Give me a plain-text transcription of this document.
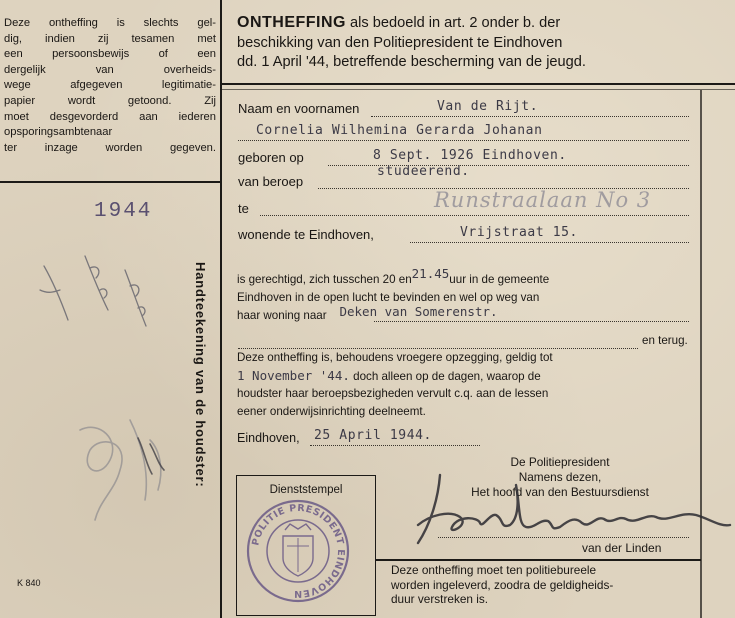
Deze ontheffing is slechts gel-
dig, indien zij tesamen met
een persoonsbewijs of een
dergelijk van overheids-
wege afgegeven legitimatie-
papier wordt getoond. Zij
moet desgevorderd aan iederen
opsporingsambtenaar
ter inzage worden gegeven.
ONTHEFFING als bedoeld in art. 2 onder b. der
beschikking van den Politiepresident te Eindhoven
dd. 1 April '44, betreffende bescherming van de jeugd.
Naam en voornamen	Van de Rijt.
Cornelia Wilhemina Gerarda Johanan
geboren op	8 Sept. 1926 Eindhoven.
van beroep
studeerend.
te	Runstraalaan No 3
wonende te Eindhoven,	Vrijstraat 15.
is gerechtigd, zich tusschen 20 en21.45uur in de gemeente
Eindhoven in de open lucht te bevinden en wel op weg van
haar woning naar Deken van Somerenstr.
en terug.
Deze ontheffing is, behoudens vroegere opzegging, geldig tot
1 November '44. doch alleen op de dagen, waarop de
houdster haar beroepsbezigheden vervult c.q. aan de lessen
eener onderwijsinrichting deelneemt.
Eindhoven, 25 April 1944.
De Politiepresident
Namens dezen,
Het hoofd van den Bestuursdienst
van der Linden
Dienststempel
POLITIE PRESIDENT EINDHOVEN
Deze ontheffing moet ten politiebureele
worden ingeleverd, zoodra de geldigheids-
duur verstreken is.
Handteekening van de houdster:
1944
K 840
